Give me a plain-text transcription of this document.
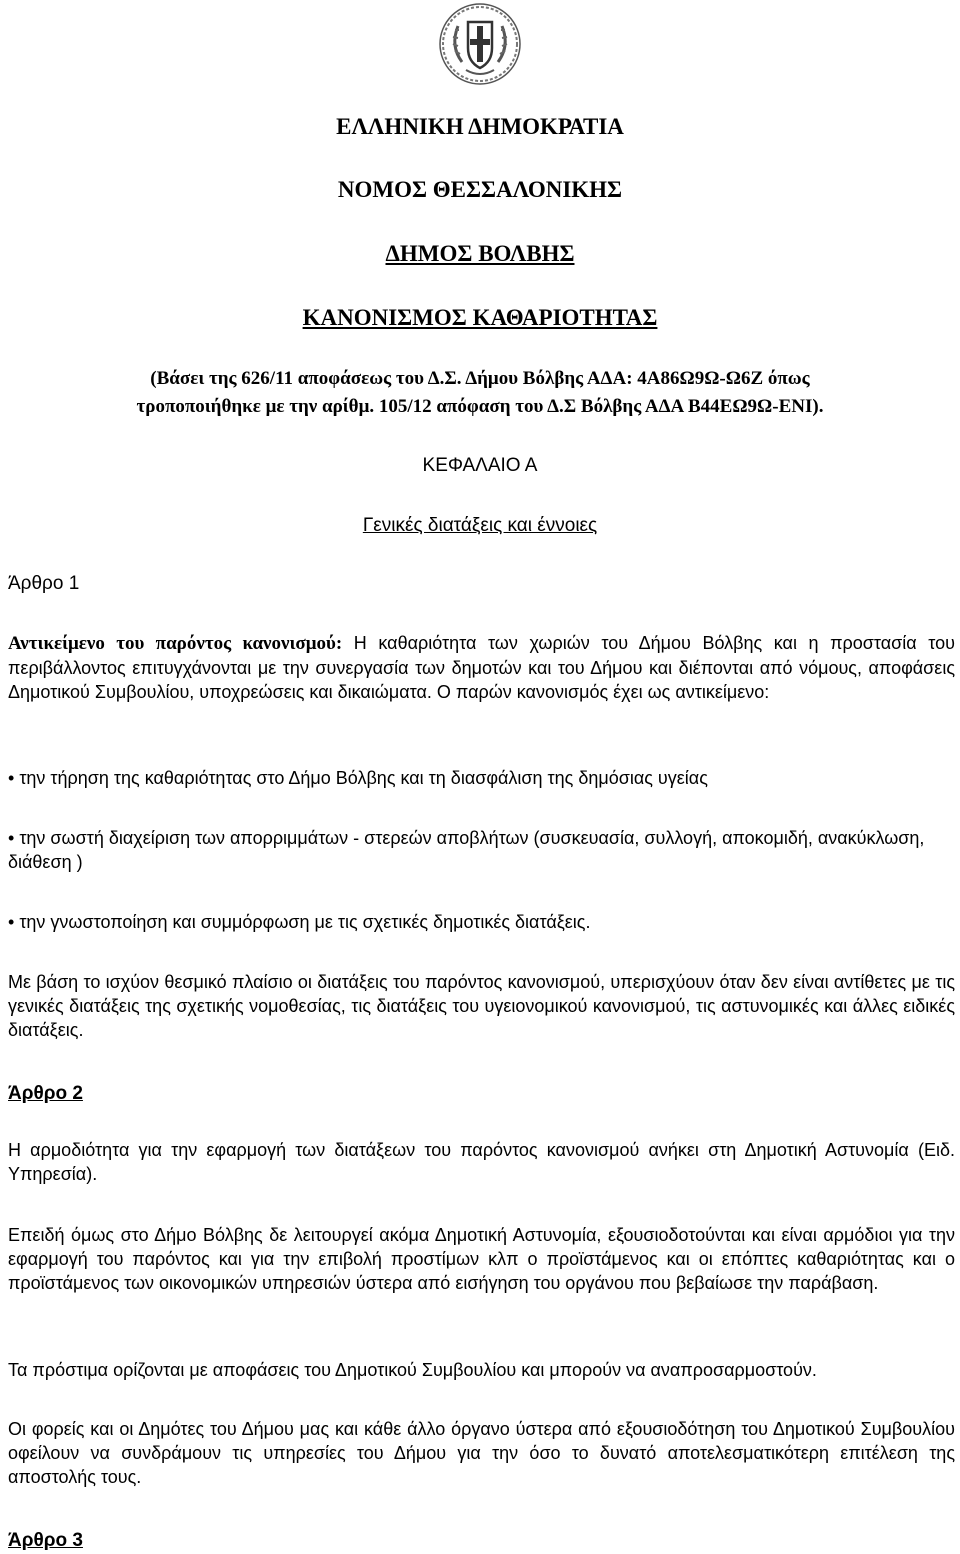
ΕΛΛΗΝΙΚΗ ΔΗΜΟΚΡΑΤΙΑ
ΝΟΜΟΣ ΘΕΣΣΑΛΟΝΙΚΗΣ
ΔΗΜΟΣ ΒΟΛΒΗΣ
ΚΑΝΟΝΙΣΜΟΣ ΚΑΘΑΡΙΟΤΗΤΑΣ
(Βάσει της 626/11 αποφάσεως του Δ.Σ. Δήμου Βόλβης ΑΔΑ: 4Α86Ω9Ω-Ω6Ζ όπως
τροποποιήθηκε με την αρίθμ. 105/12 απόφαση του Δ.Σ Βόλβης ΑΔΑ Β44ΕΩ9Ω-ΕΝΙ).
ΚΕΦΑΛΑΙΟ Α
Γενικές διατάξεις και έννοιες
Άρθρο 1
Αντικείμενο του παρόντος κανονισμού: Η καθαριότητα των χωριών του Δήμου Βόλβης και η προστασία του περιβάλλοντος επιτυγχάνονται με την συνεργασία των δημοτών και του Δήμου και διέπονται από νόμους, αποφάσεις Δημοτικού Συμβουλίου, υποχρεώσεις και δικαιώματα. Ο παρών κανονισμός έχει ως αντικείμενο:
• την τήρηση της καθαριότητας στο Δήμο Βόλβης και τη διασφάλιση της δημόσιας υγείας
• την σωστή διαχείριση των απορριμμάτων - στερεών αποβλήτων (συσκευασία, συλλογή, αποκομιδή, ανακύκλωση, διάθεση )
• την γνωστοποίηση και συμμόρφωση με τις σχετικές δημοτικές διατάξεις.
Με βάση το ισχύον θεσμικό πλαίσιο οι διατάξεις του παρόντος κανονισμού, υπερισχύουν όταν δεν είναι αντίθετες με τις γενικές διατάξεις της σχετικής νομοθεσίας, τις διατάξεις του υγειονομικού κανονισμού, τις αστυνομικές και άλλες ειδικές διατάξεις.
Άρθρο 2
Η αρμοδιότητα για την εφαρμογή των διατάξεων του παρόντος κανονισμού ανήκει στη Δημοτική Αστυνομία (Ειδ. Υπηρεσία).
Επειδή όμως στο Δήμο Βόλβης δε λειτουργεί ακόμα Δημοτική Αστυνομία, εξουσιοδοτούνται και είναι αρμόδιοι για την εφαρμογή του παρόντος και για την επιβολή προστίμων κλπ ο προϊστάμενος και οι επόπτες καθαριότητας και ο προϊστάμενος των οικονομικών υπηρεσιών ύστερα από εισήγηση του οργάνου που βεβαίωσε την παράβαση.
Τα πρόστιμα ορίζονται με αποφάσεις του Δημοτικού Συμβουλίου και μπορούν να αναπροσαρμοστούν.
Οι φορείς και οι Δημότες του Δήμου μας και κάθε άλλο όργανο ύστερα από εξουσιοδότηση του Δημοτικού Συμβουλίου οφείλουν να συνδράμουν τις υπηρεσίες του Δήμου για την όσο το δυνατό αποτελεσματικότερη επιτέλεση της αποστολής τους.
Άρθρο 3
